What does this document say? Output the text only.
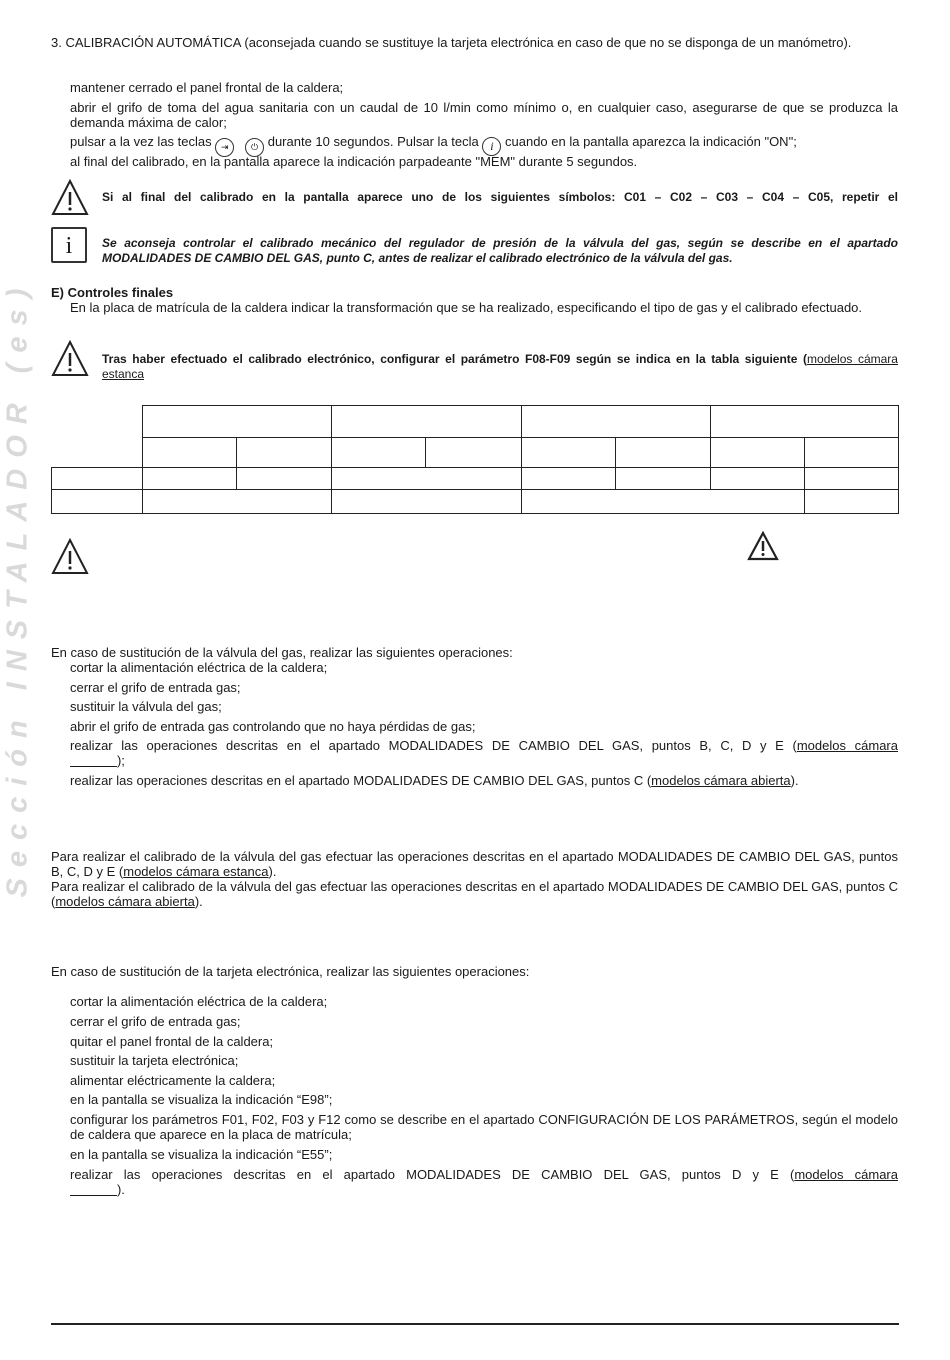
Sección INSTALADOR (es)
3. CALIBRACIÓN AUTOMÁTICA (aconsejada cuando se sustituye la tarjeta electrónica en caso de que no se disponga de un manómetro).
mantener cerrado el panel frontal de la caldera;
abrir el grifo de toma del agua sanitaria con un caudal de 10 l/min como mínimo o, en cualquier caso, asegurarse de que se produzca la demanda máxima de calor;
pulsar a la vez las teclas ⇥	⏻ durante 10 segundos. Pulsar la tecla i cuando en la pantalla aparezca la indicación "ON";
al final del calibrado, en la pantalla aparece la indicación parpadeante "MEM" durante 5 segundos.
Si al final del calibrado en la pantalla aparece uno de los siguientes símbolos: C01 – C02 – C03 – C04 – C05, repetir el
i	Se aconseja controlar el calibrado mecánico del regulador de presión de la válvula del gas, según se describe en el apartado MODALIDADES DE CAMBIO DEL GAS, punto C, antes de realizar el calibrado electrónico de la válvula del gas.
E) Controles finales
En la placa de matrícula de la caldera indicar la transformación que se ha realizado, especificando el tipo de gas y el calibrado efectuado.
Tras haber efectuado el calibrado electrónico, configurar el parámetro F08-F09 según se indica en la tabla siguiente (modelos cámara estanca

En caso de sustitución de la válvula del gas, realizar las siguientes operaciones:
cortar la alimentación eléctrica de la caldera;
cerrar el grifo de entrada gas;
sustituir la válvula del gas;
abrir el grifo de entrada gas controlando que no haya pérdidas de gas;
realizar las operaciones descritas en el apartado MODALIDADES DE CAMBIO DEL GAS, puntos B, C, D y E (modelos cámara
);
realizar las operaciones descritas en el apartado MODALIDADES DE CAMBIO DEL GAS, puntos C (modelos cámara abierta).
Para realizar el calibrado de la válvula del gas efectuar las operaciones descritas en el apartado MODALIDADES DE CAMBIO DEL GAS, puntos B, C, D y E (modelos cámara estanca).
Para realizar el calibrado de la válvula del gas efectuar las operaciones descritas en el apartado MODALIDADES DE CAMBIO DEL GAS, puntos C (modelos cámara abierta).
En caso de sustitución de la tarjeta electrónica, realizar las siguientes operaciones:
cortar la alimentación eléctrica de la caldera;
cerrar el grifo de entrada gas;
quitar el panel frontal de la caldera;
sustituir la tarjeta electrónica;
alimentar eléctricamente la caldera;
en la pantalla se visualiza la indicación “E98”;
configurar los parámetros F01, F02, F03 y F12 como se describe en el apartado CONFIGURACIÓN DE LOS PARÁMETROS, según el modelo de caldera que aparece en la placa de matrícula;
en la pantalla se visualiza la indicación “E55”;
realizar las operaciones descritas en el apartado MODALIDADES DE CAMBIO DEL GAS, puntos D y E (modelos cámara
).
